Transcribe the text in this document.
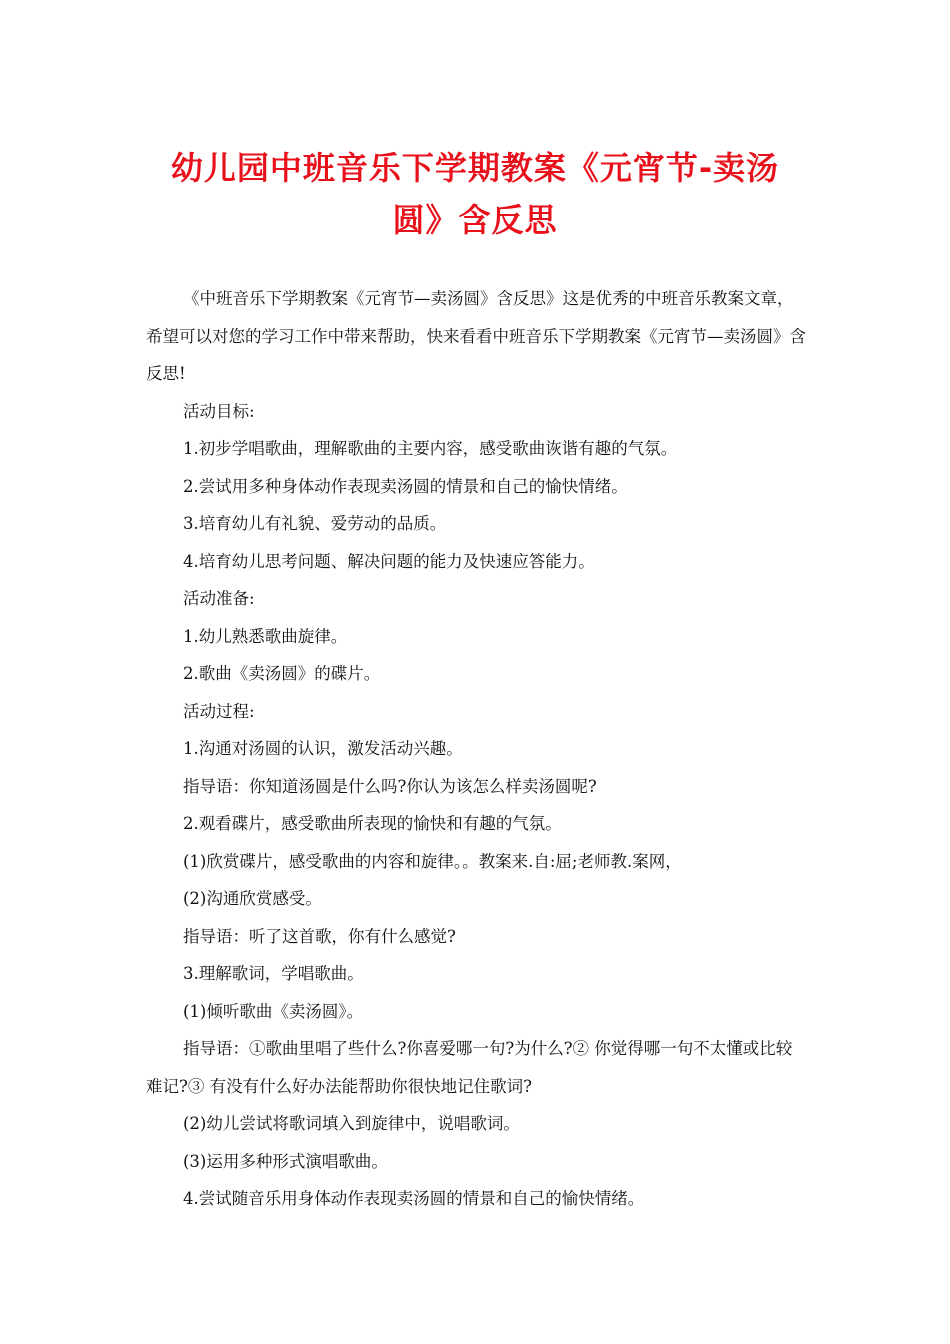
幼儿园中班音乐下学期教案《元宵节-卖汤圆》含反思

《中班音乐下学期教案《元宵节—卖汤圆》含反思》这是优秀的中班音乐教案文章，希望可以对您的学习工作中带来帮助，快来看看中班音乐下学期教案《元宵节—卖汤圆》含反思!

活动目标:

1.初步学唱歌曲，理解歌曲的主要内容，感受歌曲诙谐有趣的气氛。

2.尝试用多种身体动作表现卖汤圆的情景和自己的愉快情绪。

3.培育幼儿有礼貌、爱劳动的品质。

4.培育幼儿思考问题、解决问题的能力及快速应答能力。

活动准备:

1.幼儿熟悉歌曲旋律。

2.歌曲《卖汤圆》的碟片。

活动过程:

1.沟通对汤圆的认识，激发活动兴趣。

指导语：你知道汤圆是什么吗?你认为该怎么样卖汤圆呢?

2.观看碟片，感受歌曲所表现的愉快和有趣的气氛。

(1)欣赏碟片，感受歌曲的内容和旋律。。教案来.自:屈;老师教.案网，

(2)沟通欣赏感受。

指导语：听了这首歌，你有什么感觉?

3.理解歌词，学唱歌曲。

(1)倾听歌曲《卖汤圆》。

指导语：①歌曲里唱了些什么?你喜爱哪一句?为什么?② 你觉得哪一句不太懂或比较难记?③ 有没有什么好办法能帮助你很快地记住歌词?

(2)幼儿尝试将歌词填入到旋律中，说唱歌词。

(3)运用多种形式演唱歌曲。

4.尝试随音乐用身体动作表现卖汤圆的情景和自己的愉快情绪。
